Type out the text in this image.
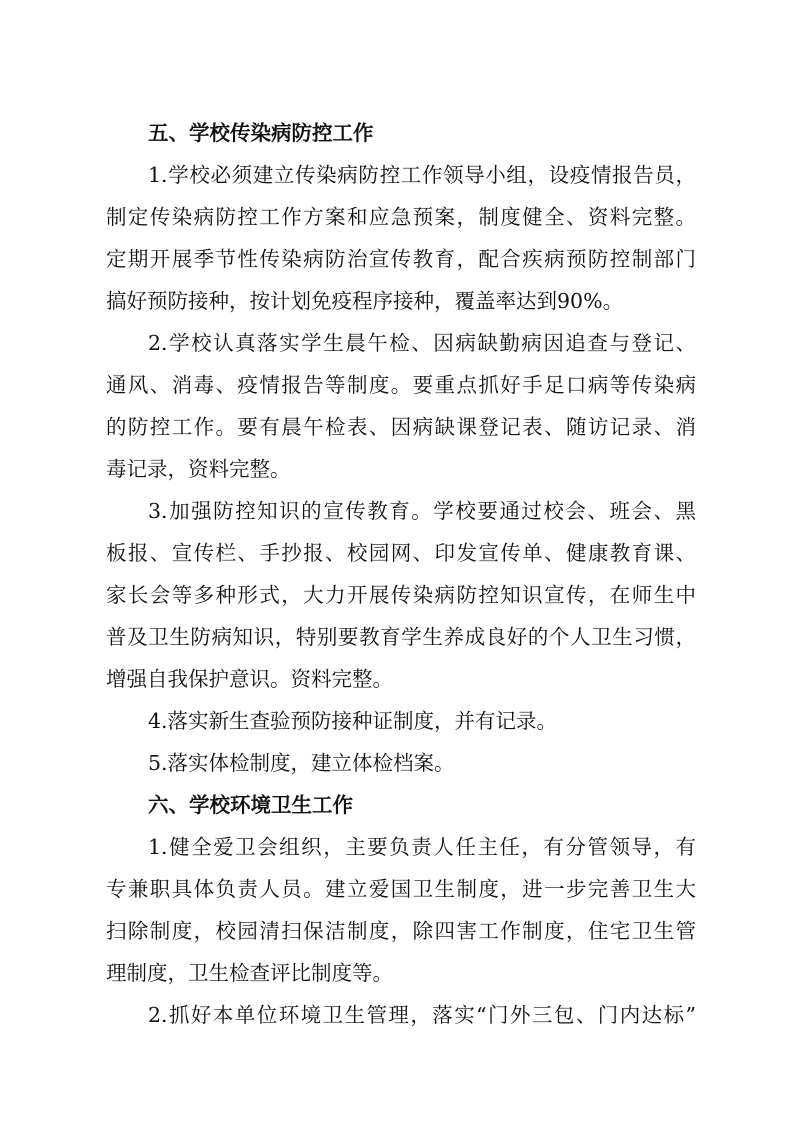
五、学校传染病防控工作
1.学校必须建立传染病防控工作领导小组，设疫情报告员，
制定传染病防控工作方案和应急预案，制度健全、资料完整。
定期开展季节性传染病防治宣传教育，配合疾病预防控制部门
搞好预防接种，按计划免疫程序接种，覆盖率达到90%。
2.学校认真落实学生晨午检、因病缺勤病因追查与登记、
通风、消毒、疫情报告等制度。要重点抓好手足口病等传染病
的防控工作。要有晨午检表、因病缺课登记表、随访记录、消
毒记录，资料完整。
3.加强防控知识的宣传教育。学校要通过校会、班会、黑
板报、宣传栏、手抄报、校园网、印发宣传单、健康教育课、
家长会等多种形式，大力开展传染病防控知识宣传，在师生中
普及卫生防病知识，特别要教育学生养成良好的个人卫生习惯，
增强自我保护意识。资料完整。
4.落实新生查验预防接种证制度，并有记录。
5.落实体检制度，建立体检档案。
六、学校环境卫生工作
1.健全爱卫会组织，主要负责人任主任，有分管领导，有
专兼职具体负责人员。建立爱国卫生制度，进一步完善卫生大
扫除制度，校园清扫保洁制度，除四害工作制度，住宅卫生管
理制度，卫生检查评比制度等。
2.抓好本单位环境卫生管理，落实“门外三包、门内达标”
